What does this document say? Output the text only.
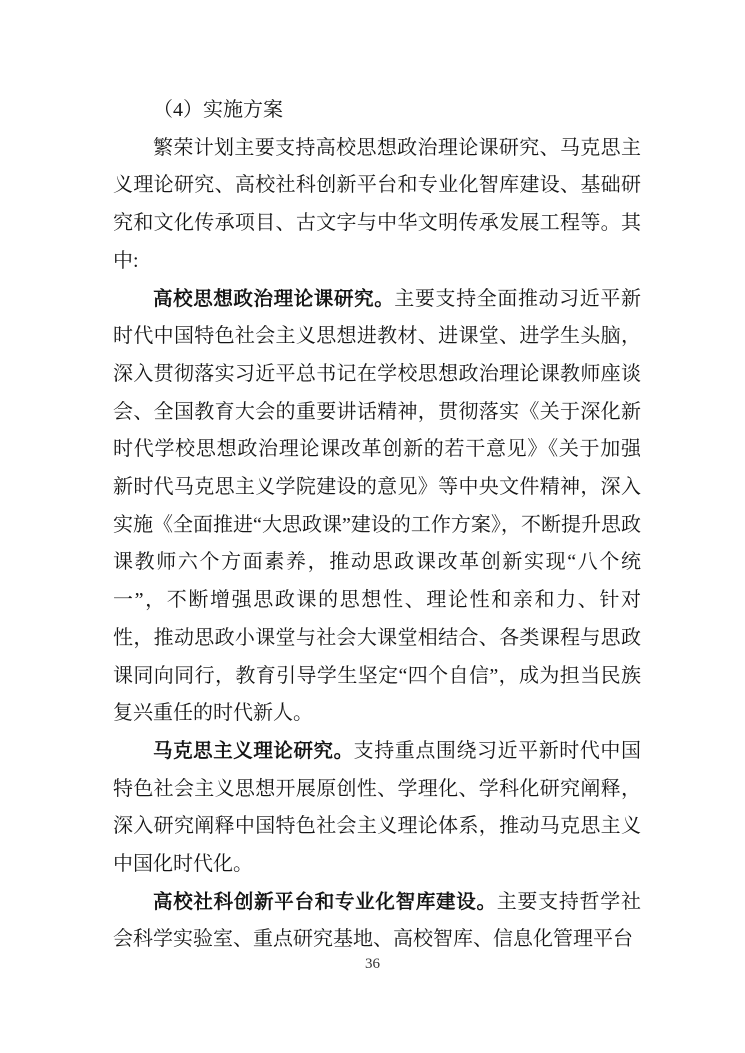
（4）实施方案

繁荣计划主要支持高校思想政治理论课研究、马克思主义理论研究、高校社科创新平台和专业化智库建设、基础研究和文化传承项目、古文字与中华文明传承发展工程等。其中:

高校思想政治理论课研究。主要支持全面推动习近平新时代中国特色社会主义思想进教材、进课堂、进学生头脑，深入贯彻落实习近平总书记在学校思想政治理论课教师座谈会、全国教育大会的重要讲话精神，贯彻落实《关于深化新时代学校思想政治理论课改革创新的若干意见》《关于加强新时代马克思主义学院建设的意见》等中央文件精神，深入实施《全面推进“大思政课”建设的工作方案》，不断提升思政课教师六个方面素养，推动思政课改革创新实现“八个统一”，不断增强思政课的思想性、理论性和亲和力、针对性，推动思政小课堂与社会大课堂相结合、各类课程与思政课同向同行，教育引导学生坚定“四个自信”，成为担当民族复兴重任的时代新人。

马克思主义理论研究。支持重点围绕习近平新时代中国特色社会主义思想开展原创性、学理化、学科化研究阐释，深入研究阐释中国特色社会主义理论体系，推动马克思主义中国化时代化。

高校社科创新平台和专业化智库建设。主要支持哲学社会科学实验室、重点研究基地、高校智库、信息化管理平台

36
